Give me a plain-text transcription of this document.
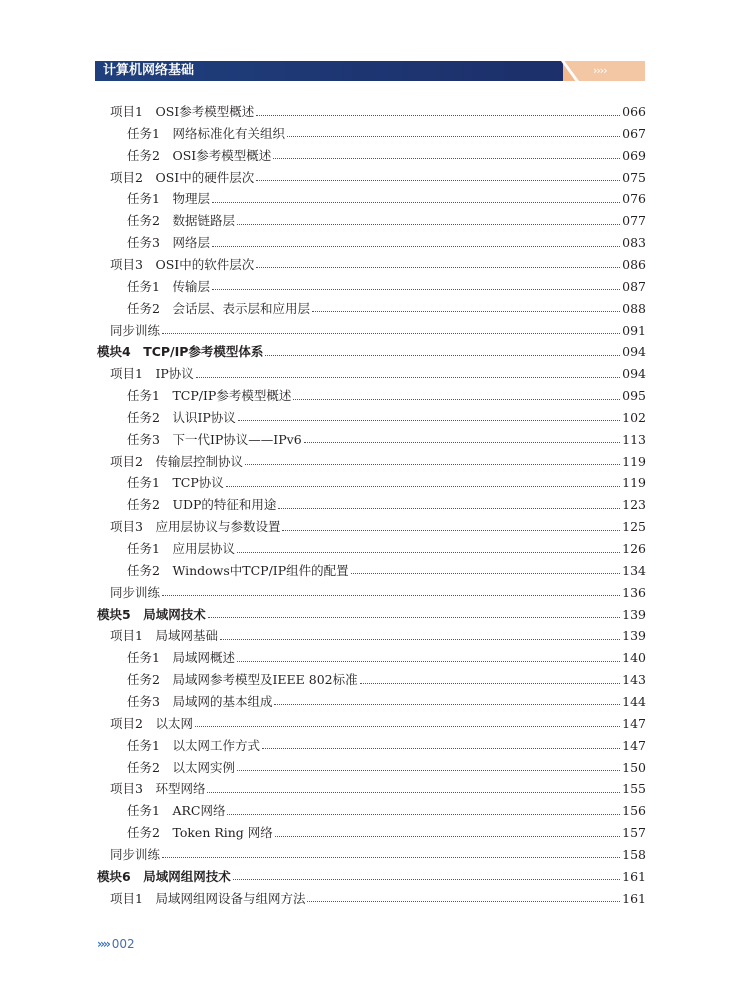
计算机网络基础	››››
项目1　OSI参考模型概述	066
任务1　网络标准化有关组织	067
任务2　OSI参考模型概述	069
项目2　OSI中的硬件层次	075
任务1　物理层	076
任务2　数据链路层	077
任务3　网络层	083
项目3　OSI中的软件层次	086
任务1　传输层	087
任务2　会话层、表示层和应用层	088
同步训练	091
模块4　TCP/IP参考模型体系	094
项目1　IP协议	094
任务1　TCP/IP参考模型概述	095
任务2　认识IP协议	102
任务3　下一代IP协议——IPv6	113
项目2　传输层控制协议	119
任务1　TCP协议	119
任务2　UDP的特征和用途	123
项目3　应用层协议与参数设置	125
任务1　应用层协议	126
任务2　Windows中TCP/IP组件的配置	134
同步训练	136
模块5　局域网技术	139
项目1　局域网基础	139
任务1　局域网概述	140
任务2　局域网参考模型及IEEE 802标准	143
任务3　局域网的基本组成	144
项目2　以太网	147
任务1　以太网工作方式	147
任务2　以太网实例	150
项目3　环型网络	155
任务1　ARC网络	156
任务2　Token Ring 网络	157
同步训练	158
模块6　局域网组网技术	161
项目1　局域网组网设备与组网方法	161
›››› 002
